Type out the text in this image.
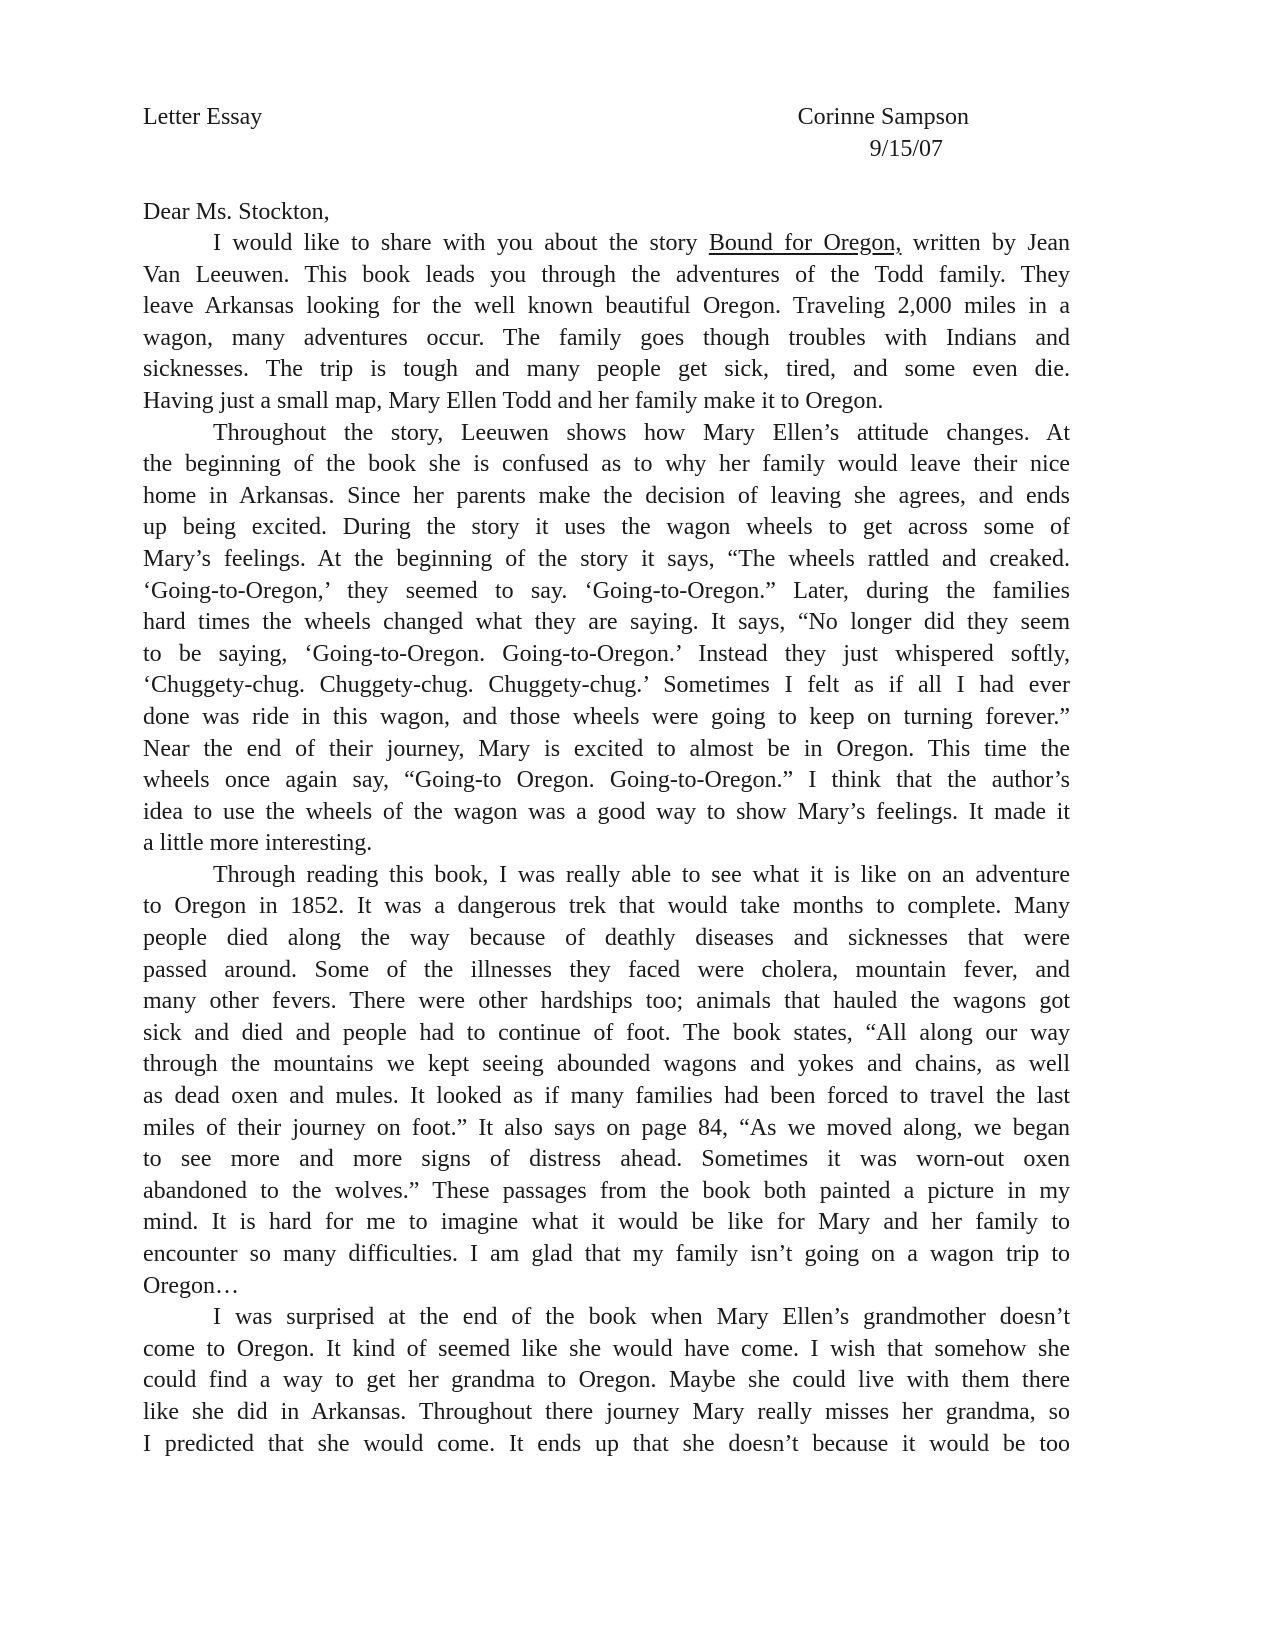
Letter Essay	Corinne Sampson
9/15/07
Dear Ms. Stockton,
I would like to share with you about the story Bound for Oregon, written by Jean
Van Leeuwen. This book leads you through the adventures of the Todd family. They
leave Arkansas looking for the well known beautiful Oregon. Traveling 2,000 miles in a
wagon, many adventures occur. The family goes though troubles with Indians and
sicknesses. The trip is tough and many people get sick, tired, and some even die.
Having just a small map, Mary Ellen Todd and her family make it to Oregon.
Throughout the story, Leeuwen shows how Mary Ellen’s attitude changes. At
the beginning of the book she is confused as to why her family would leave their nice
home in Arkansas. Since her parents make the decision of leaving she agrees, and ends
up being excited. During the story it uses the wagon wheels to get across some of
Mary’s feelings. At the beginning of the story it says, “The wheels rattled and creaked.
‘Going-to-Oregon,’ they seemed to say. ‘Going-to-Oregon.” Later, during the families
hard times the wheels changed what they are saying. It says, “No longer did they seem
to be saying, ‘Going-to-Oregon. Going-to-Oregon.’ Instead they just whispered softly,
‘Chuggety-chug. Chuggety-chug. Chuggety-chug.’ Sometimes I felt as if all I had ever
done was ride in this wagon, and those wheels were going to keep on turning forever.”
Near the end of their journey, Mary is excited to almost be in Oregon. This time the
wheels once again say, “Going-to Oregon. Going-to-Oregon.” I think that the author’s
idea to use the wheels of the wagon was a good way to show Mary’s feelings. It made it
a little more interesting.
Through reading this book, I was really able to see what it is like on an adventure
to Oregon in 1852. It was a dangerous trek that would take months to complete. Many
people died along the way because of deathly diseases and sicknesses that were
passed around. Some of the illnesses they faced were cholera, mountain fever, and
many other fevers. There were other hardships too; animals that hauled the wagons got
sick and died and people had to continue of foot. The book states, “All along our way
through the mountains we kept seeing abounded wagons and yokes and chains, as well
as dead oxen and mules. It looked as if many families had been forced to travel the last
miles of their journey on foot.” It also says on page 84, “As we moved along, we began
to see more and more signs of distress ahead. Sometimes it was worn-out oxen
abandoned to the wolves.” These passages from the book both painted a picture in my
mind. It is hard for me to imagine what it would be like for Mary and her family to
encounter so many difficulties. I am glad that my family isn’t going on a wagon trip to
Oregon…
I was surprised at the end of the book when Mary Ellen’s grandmother doesn’t
come to Oregon. It kind of seemed like she would have come. I wish that somehow she
could find a way to get her grandma to Oregon. Maybe she could live with them there
like she did in Arkansas. Throughout there journey Mary really misses her grandma, so
I predicted that she would come. It ends up that she doesn’t because it would be too
